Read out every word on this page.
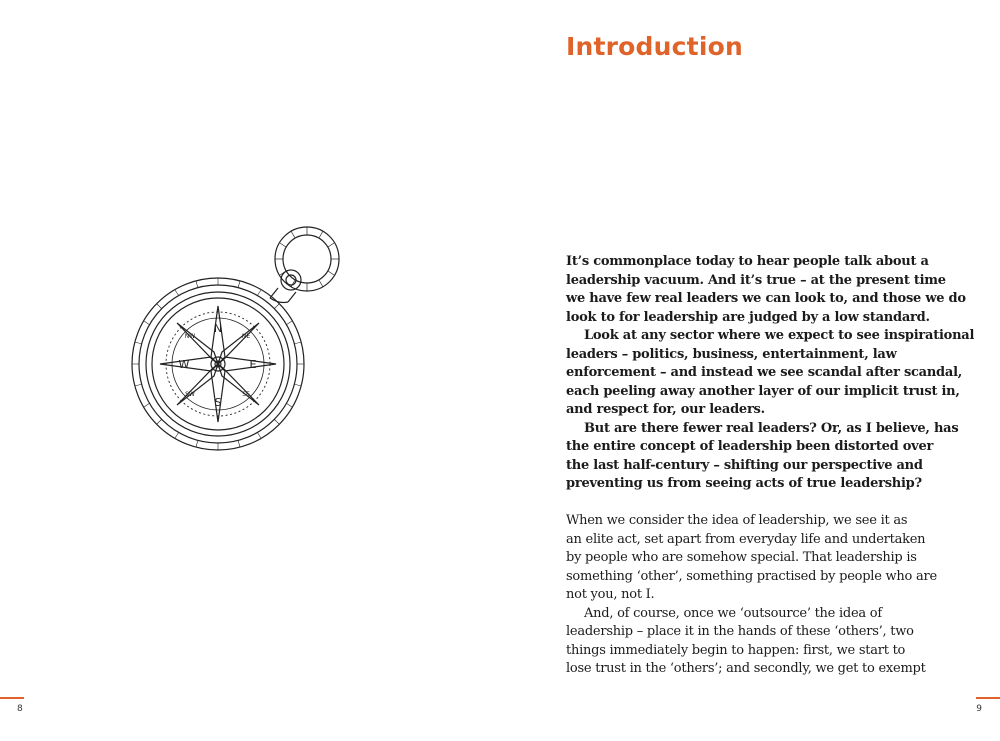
N
S
W	E
NE
NW
SW	SE
8
Introduction

It’s commonplace today to hear people talk about a

leadership vacuum. And it’s true – at the present time

we have few real leaders we can look to, and those we do

look to for leadership are judged by a low standard.

Look at any sector where we expect to see inspirational

leaders – politics, business, entertainment, law

enforcement – and instead we see scandal after scandal,

each peeling away another layer of our implicit trust in,

and respect for, our leaders.

But are there fewer real leaders? Or, as I believe, has

the entire concept of leadership been distorted over

the last half-century – shifting our perspective and

preventing us from seeing acts of true leadership?

When we consider the idea of leadership, we see it as

an elite act, set apart from everyday life and undertaken

by people who are somehow special. That leadership is

something ‘other’, something practised by people who are

not you, not I.

And, of course, once we ‘outsource’ the idea of

leadership – place it in the hands of these ‘others’, two

things immediately begin to happen: first, we start to

lose trust in the ‘others’; and secondly, we get to exempt

9
